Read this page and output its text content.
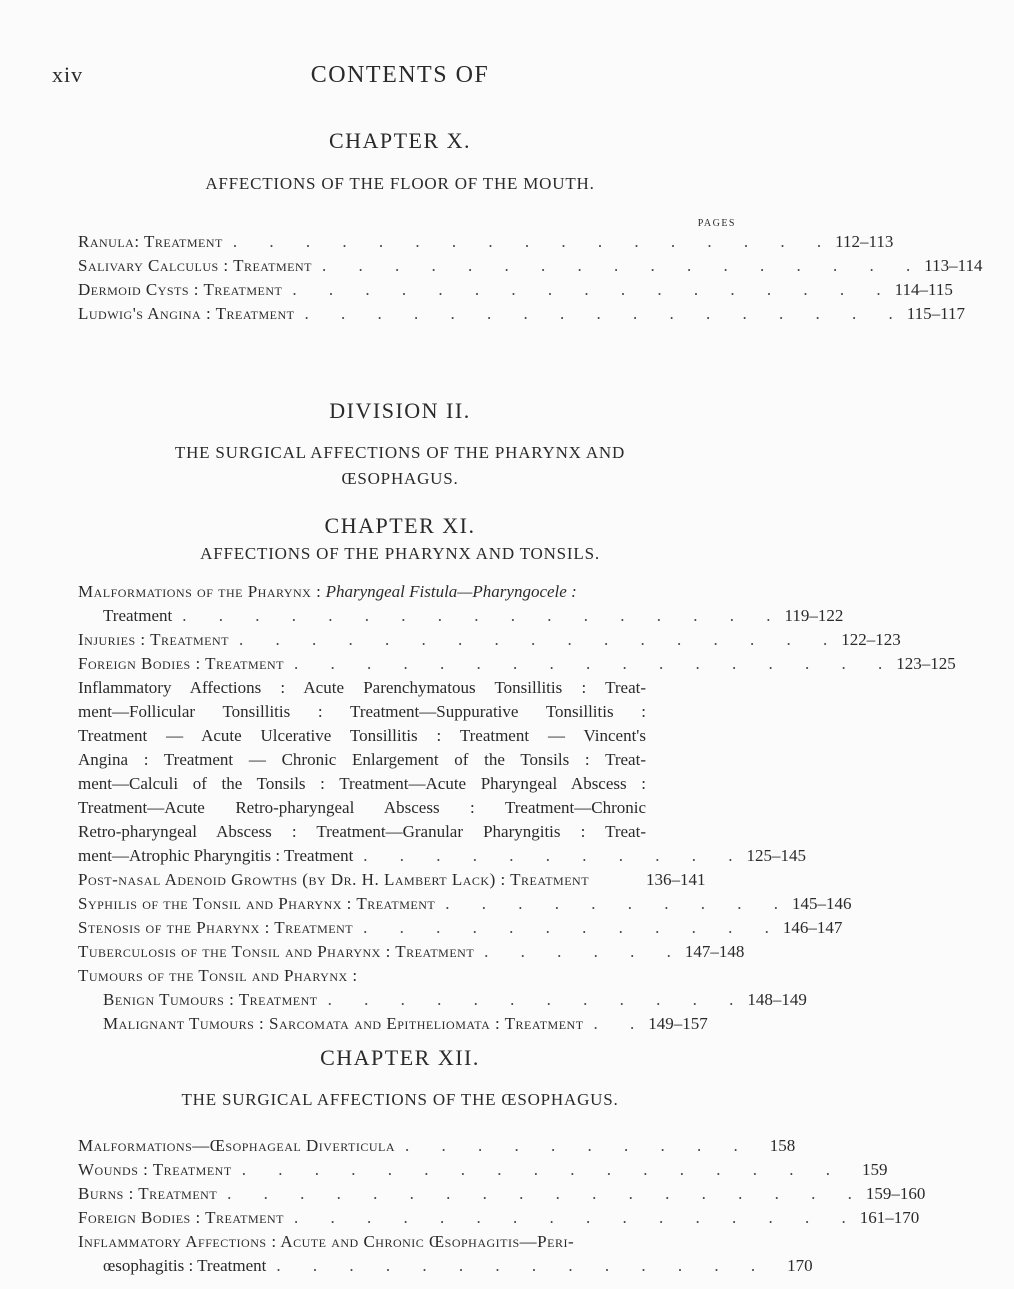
xiv	CONTENTS OF
CHAPTER X.
AFFECTIONS OF THE FLOOR OF THE MOUTH.
PAGES
Ranula: Treatment . . . . . . . . . . . . . . . . . 112–113
Salivary Calculus : Treatment . . . . . . . . . . . . . . . . . 113–114
Dermoid Cysts : Treatment . . . . . . . . . . . . . . . . . 114–115
Ludwig's Angina : Treatment . . . . . . . . . . . . . . . . . 115–117
DIVISION II.
THE SURGICAL AFFECTIONS OF THE PHARYNX AND
ŒSOPHAGUS.
CHAPTER XI.
AFFECTIONS OF THE PHARYNX AND TONSILS.
Malformations of the Pharynx : Pharyngeal Fistula—Pharyngocele :
Treatment . . . . . . . . . . . . . . . . . 119–122
Injuries : Treatment . . . . . . . . . . . . . . . . . 122–123
Foreign Bodies : Treatment . . . . . . . . . . . . . . . . . 123–125
Inflammatory Affections : Acute Parenchymatous Tonsillitis : Treat-
ment—Follicular Tonsillitis : Treatment—Suppurative Tonsillitis :
Treatment — Acute Ulcerative Tonsillitis : Treatment — Vincent's
Angina : Treatment — Chronic Enlargement of the Tonsils : Treat-
ment—Calculi of the Tonsils : Treatment—Acute Pharyngeal Abscess :
Treatment—Acute Retro-pharyngeal Abscess : Treatment—Chronic
Retro-pharyngeal Abscess : Treatment—Granular Pharyngitis : Treat-
ment—Atrophic Pharyngitis : Treatment . . . . . . . . . . . 125–145
Post-nasal Adenoid Growths (by Dr. H. Lambert Lack) : Treatment	136–141
Syphilis of the Tonsil and Pharynx : Treatment . . . . . . . . . . 145–146
Stenosis of the Pharynx : Treatment . . . . . . . . . . . . 146–147
Tuberculosis of the Tonsil and Pharynx : Treatment . . . . . . 147–148
Tumours of the Tonsil and Pharynx :
Benign Tumours : Treatment . . . . . . . . . . . . 148–149
Malignant Tumours : Sarcomata and Epitheliomata : Treatment . . 149–157
CHAPTER XII.
THE SURGICAL AFFECTIONS OF THE ŒSOPHAGUS.
Malformations—Œsophageal Diverticula . . . . . . . . . .	158
Wounds : Treatment . . . . . . . . . . . . . . . . .	159
Burns : Treatment . . . . . . . . . . . . . . . . . . 159–160
Foreign Bodies : Treatment . . . . . . . . . . . . . . . . 161–170
Inflammatory Affections : Acute and Chronic Œsophagitis—Peri-
œsophagitis : Treatment . . . . . . . . . . . . . .	170
